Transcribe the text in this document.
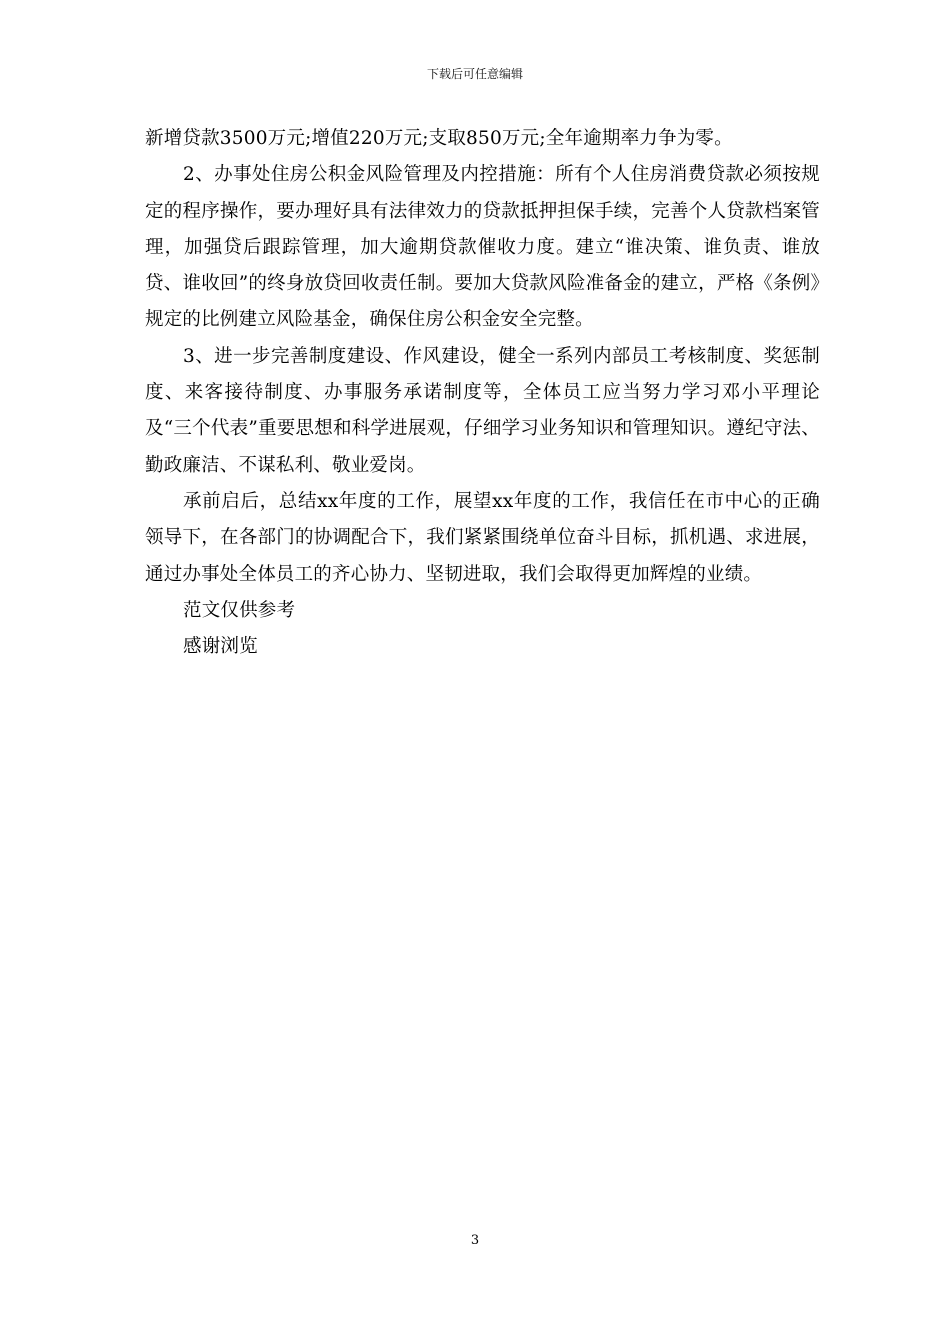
下载后可任意编辑

新增贷款3500万元;增值220万元;支取850万元;全年逾期率力争为零。

2、办事处住房公积金风险管理及内控措施：所有个人住房消费贷款必须按规定的程序操作，要办理好具有法律效力的贷款抵押担保手续，完善个人贷款档案管理，加强贷后跟踪管理，加大逾期贷款催收力度。建立“谁决策、谁负责、谁放贷、谁收回”的终身放贷回收责任制。要加大贷款风险准备金的建立，严格《条例》规定的比例建立风险基金，确保住房公积金安全完整。

3、进一步完善制度建设、作风建设，健全一系列内部员工考核制度、奖惩制度、来客接待制度、办事服务承诺制度等，全体员工应当努力学习邓小平理论及“三个代表”重要思想和科学进展观，仔细学习业务知识和管理知识。遵纪守法、勤政廉洁、不谋私利、敬业爱岗。

承前启后，总结xx年度的工作，展望xx年度的工作，我信任在市中心的正确领导下，在各部门的协调配合下，我们紧紧围绕单位奋斗目标，抓机遇、求进展，通过办事处全体员工的齐心协力、坚韧进取，我们会取得更加辉煌的业绩。

范文仅供参考

感谢浏览

3
